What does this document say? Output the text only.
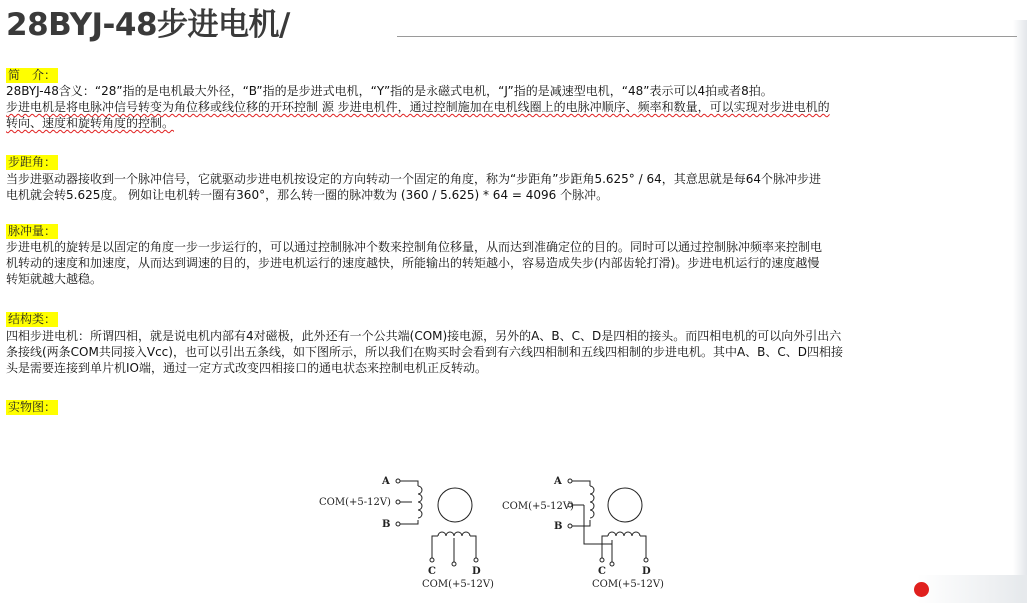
28BYJ-48步进电机/
简　介：
28BYJ-48含义：“28”指的是电机最大外径，“B”指的是步进式电机，“Y”指的是永磁式电机，“J”指的是减速型电机，“48”表示可以4拍或者8拍。
步进电机是将电脉冲信号转变为角位移或线位移的开环控制 源 步进电机件，通过控制施加在电机线圈上的电脉冲顺序、频率和数量，可以实现对步进电机的
转向、速度和旋转角度的控制。
步距角：
当步进驱动器接收到一个脉冲信号，它就驱动步进电机按设定的方向转动一个固定的角度，称为“步距角”步距角5.625° / 64，其意思就是每64个脉冲步进
电机就会转5.625度。 例如让电机转一圈有360°，那么转一圈的脉冲数为 (360 / 5.625) * 64 = 4096 个脉冲。
脉冲量：
步进电机的旋转是以固定的角度一步一步运行的，可以通过控制脉冲个数来控制角位移量，从而达到准确定位的目的。同时可以通过控制脉冲频率来控制电
机转动的速度和加速度，从而达到调速的目的，步进电机运行的速度越快，所能输出的转矩越小，容易造成失步(内部齿轮打滑)。步进电机运行的速度越慢
转矩就越大越稳。
结构类：
四相步进电机：所谓四相，就是说电机内部有4对磁极，此外还有一个公共端(COM)接电源，另外的A、B、C、D是四相的接头。而四相电机的可以向外引出六
条接线(两条COM共同接入Vcc)，也可以引出五条线，如下图所示，所以我们在购买时会看到有六线四相制和五线四相制的步进电机。其中A、B、C、D四相接
头是需要连接到单片机IO端，通过一定方式改变四相接口的通电状态来控制电机正反转动。
实物图：
A
COM(+5-12V)
B
C	D
COM(+5-12V)
A
COM(+5-12V)
B
C	D
COM(+5-12V)
